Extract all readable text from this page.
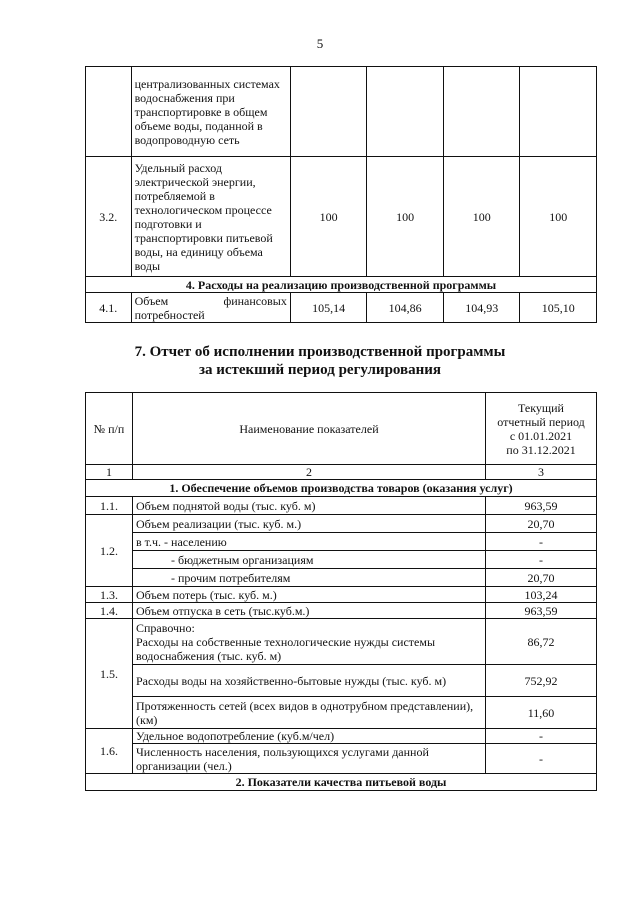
5
	централизованных системах водоснабжения при транспортировке в общем объеме воды, поданной в водопроводную сеть				
3.2.	Удельный расход электрической энергии, потребляемой в технологическом процессе подготовки и транспортировки питьевой воды, на единицу объема воды	100	100	100	100
4. Расходы на реализацию производственной программы					
4.1.	Объем финансовых
потребностей	105,14	104,86	104,93	105,10
7. Отчет об исполнении производственной программы
за истекший период регулирования
№ п/п	Наименование показателей	Текущий
отчетный период
с 01.01.2021
по 31.12.2021

1	2	3
1. Обеспечение объемов производства товаров (оказания услуг)		
1.1.	Объем поднятой воды (тыс. куб. м)	963,59
1.2.	Объем реализации (тыс. куб. м.)	20,70
	в т.ч. - населению	-
	- бюджетным организациям	-
	- прочим потребителям	20,70
1.3.	Объем потерь (тыс. куб. м.)	103,24
1.4.	Объем отпуска в сеть (тыс.куб.м.)	963,59
1.5.	Справочно:
Расходы на собственные технологические нужды системы водоснабжения (тыс. куб. м)	86,72
	Расходы воды на хозяйственно-бытовые нужды (тыс. куб. м)	752,92
	Протяженность сетей (всех видов в однотрубном представлении), (км)	11,60
1.6.	Удельное водопотребление (куб.м/чел)	-
	Численность населения, пользующихся услугами данной организации (чел.)	-
2. Показатели качества питьевой воды		
